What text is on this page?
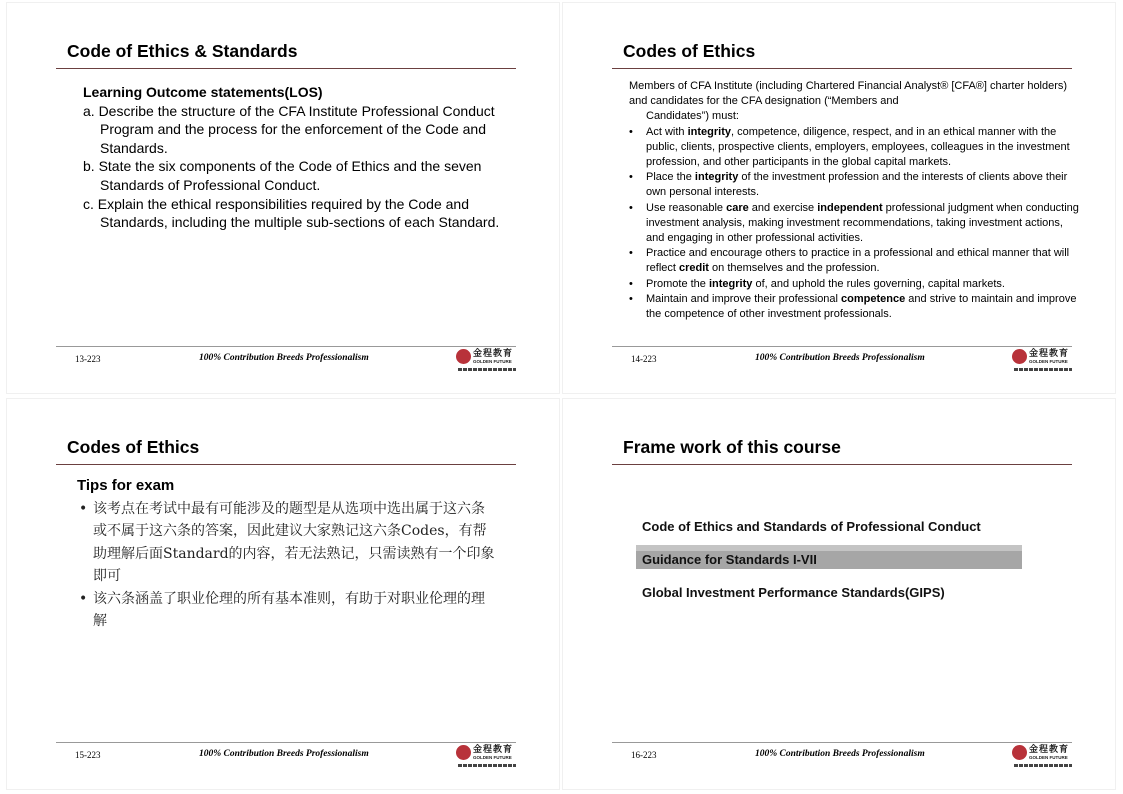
Code of Ethics & Standards
Learning Outcome statements(LOS)
a. Describe the structure of the CFA Institute Professional Conduct Program and the process for the enforcement of the Code and Standards.
b. State the six components of the Code of Ethics and the seven Standards of Professional Conduct.
c. Explain the ethical responsibilities required by the Code and Standards, including the multiple sub-sections of each Standard.
13-223	100% Contribution Breeds Professionalism	金程教育
GOLDEN FUTURE
Codes of Ethics
Members of CFA Institute (including Chartered Financial Analyst® [CFA®] charter holders) and candidates for the CFA designation (“Members and
Candidates”) must:
• Act with integrity, competence, diligence, respect, and in an ethical manner with the public, clients, prospective clients, employers, employees, colleagues in the investment profession, and other participants in the global capital markets.
• Place the integrity of the investment profession and the interests of clients above their own personal interests.
• Use reasonable care and exercise independent professional judgment when conducting investment analysis, making investment recommendations, taking investment actions, and engaging in other professional activities.
• Practice and encourage others to practice in a professional and ethical manner that will reflect credit on themselves and the profession.
• Promote the integrity of, and uphold the rules governing, capital markets.
• Maintain and improve their professional competence and strive to maintain and improve the competence of other investment professionals.
14-223	100% Contribution Breeds Professionalism	金程教育
GOLDEN FUTURE
Codes of Ethics
Tips for exam
• 该考点在考试中最有可能涉及的题型是从选项中选出属于这六条或不属于这六条的答案，因此建议大家熟记这六条Codes，有帮助理解后面Standard的内容，若无法熟记，只需读熟有一个印象即可
• 该六条涵盖了职业伦理的所有基本准则，有助于对职业伦理的理解
15-223	100% Contribution Breeds Professionalism	金程教育
GOLDEN FUTURE
Frame work of this course
Code of Ethics and Standards of Professional Conduct
Guidance for Standards I-VII
Global Investment Performance Standards(GIPS)
16-223	100% Contribution Breeds Professionalism	金程教育
GOLDEN FUTURE
